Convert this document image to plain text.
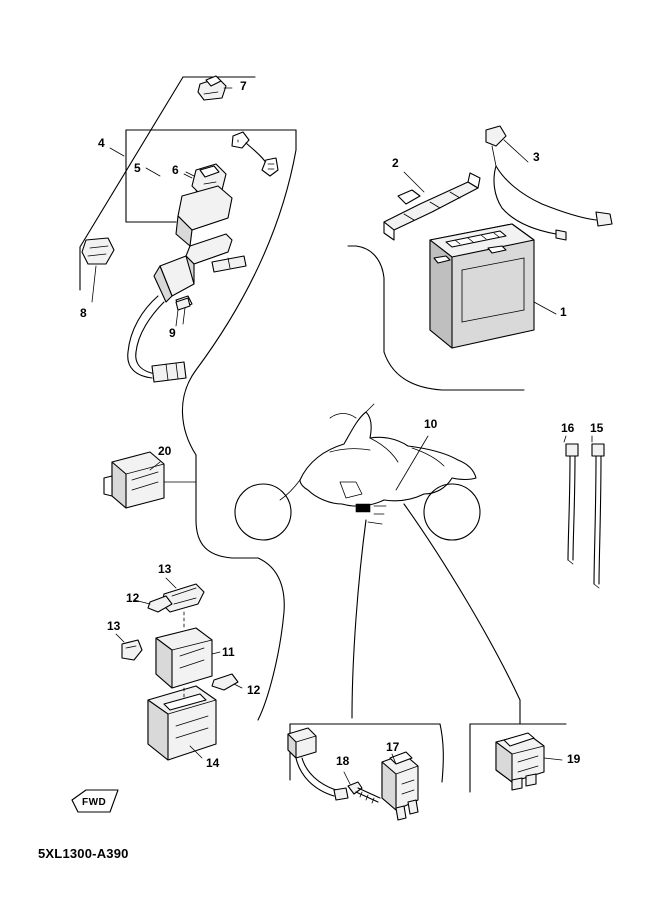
1
2	3
4
5	6
7
8
9
10
11
12
12
13
13
14
15
16
17
18	19
20
FWD
5XL1300-A390
